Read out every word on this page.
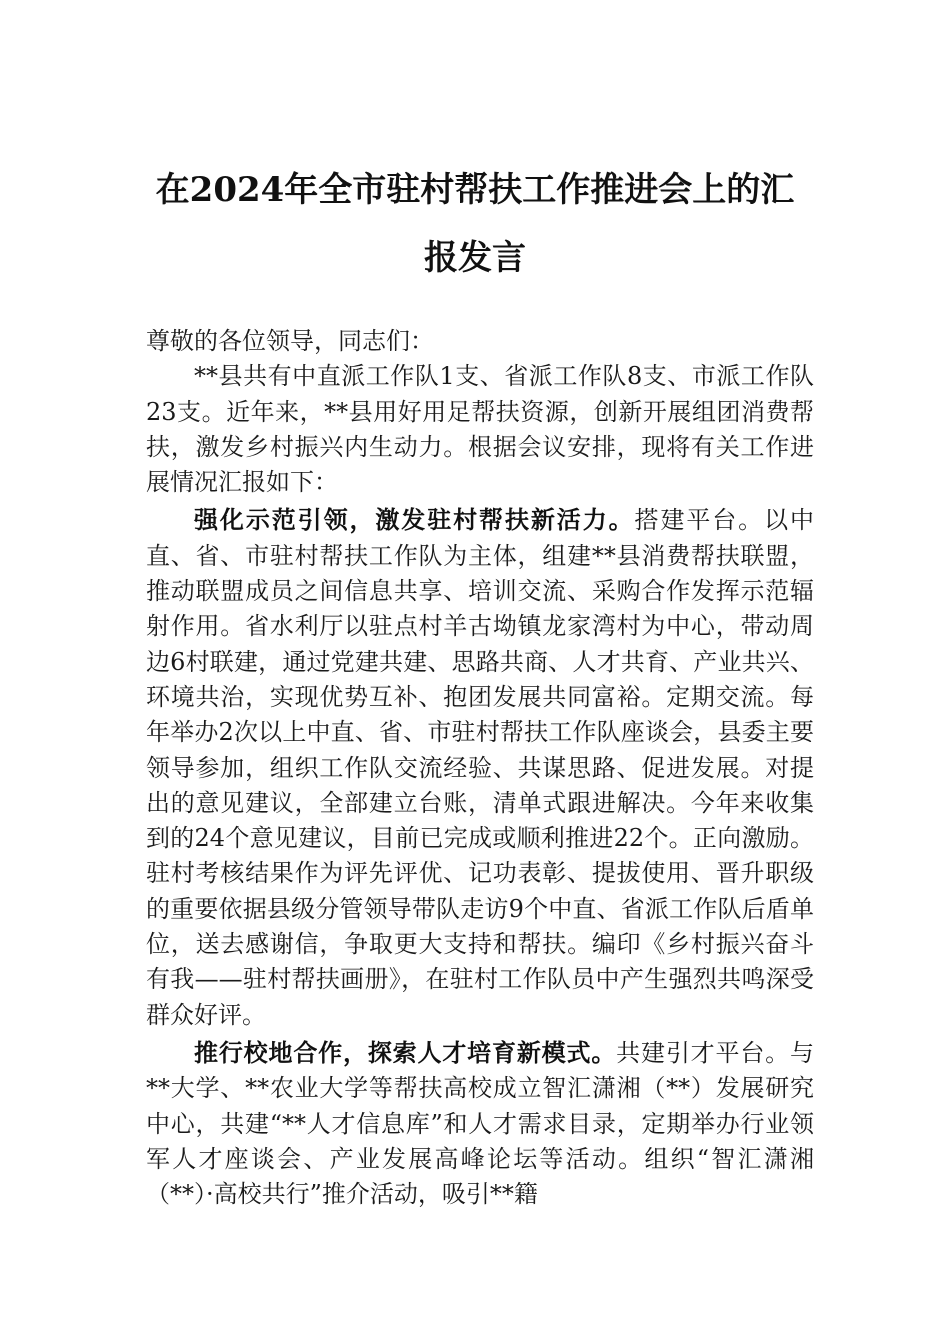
在2024年全市驻村帮扶工作推进会上的汇
报发言

尊敬的各位领导，同志们：

**县共有中直派工作队1支、省派工作队8支、市派工作队23支。近年来，**县用好用足帮扶资源，创新开展组团消费帮扶，激发乡村振兴内生动力。根据会议安排，现将有关工作进展情况汇报如下：

强化示范引领，激发驻村帮扶新活力。搭建平台。以中直、省、市驻村帮扶工作队为主体，组建**县消费帮扶联盟，推动联盟成员之间信息共享、培训交流、采购合作发挥示范辐射作用。省水利厅以驻点村羊古坳镇龙家湾村为中心，带动周边6村联建，通过党建共建、思路共商、人才共育、产业共兴、环境共治，实现优势互补、抱团发展共同富裕。定期交流。每年举办2次以上中直、省、市驻村帮扶工作队座谈会，县委主要领导参加，组织工作队交流经验、共谋思路、促进发展。对提出的意见建议，全部建立台账，清单式跟进解决。今年来收集到的24个意见建议，目前已完成或顺利推进22个。正向激励。驻村考核结果作为评先评优、记功表彰、提拔使用、晋升职级的重要依据县级分管领导带队走访9个中直、省派工作队后盾单位，送去感谢信，争取更大支持和帮扶。编印《乡村振兴奋斗有我——驻村帮扶画册》，在驻村工作队员中产生强烈共鸣深受群众好评。

推行校地合作，探索人才培育新模式。共建引才平台。与**大学、**农业大学等帮扶高校成立智汇潇湘（**）发展研究中心，共建“**人才信息库”和人才需求目录，定期举办行业领军人才座谈会、产业发展高峰论坛等活动。组织“智汇潇湘（**）·高校共行”推介活动，吸引**籍
